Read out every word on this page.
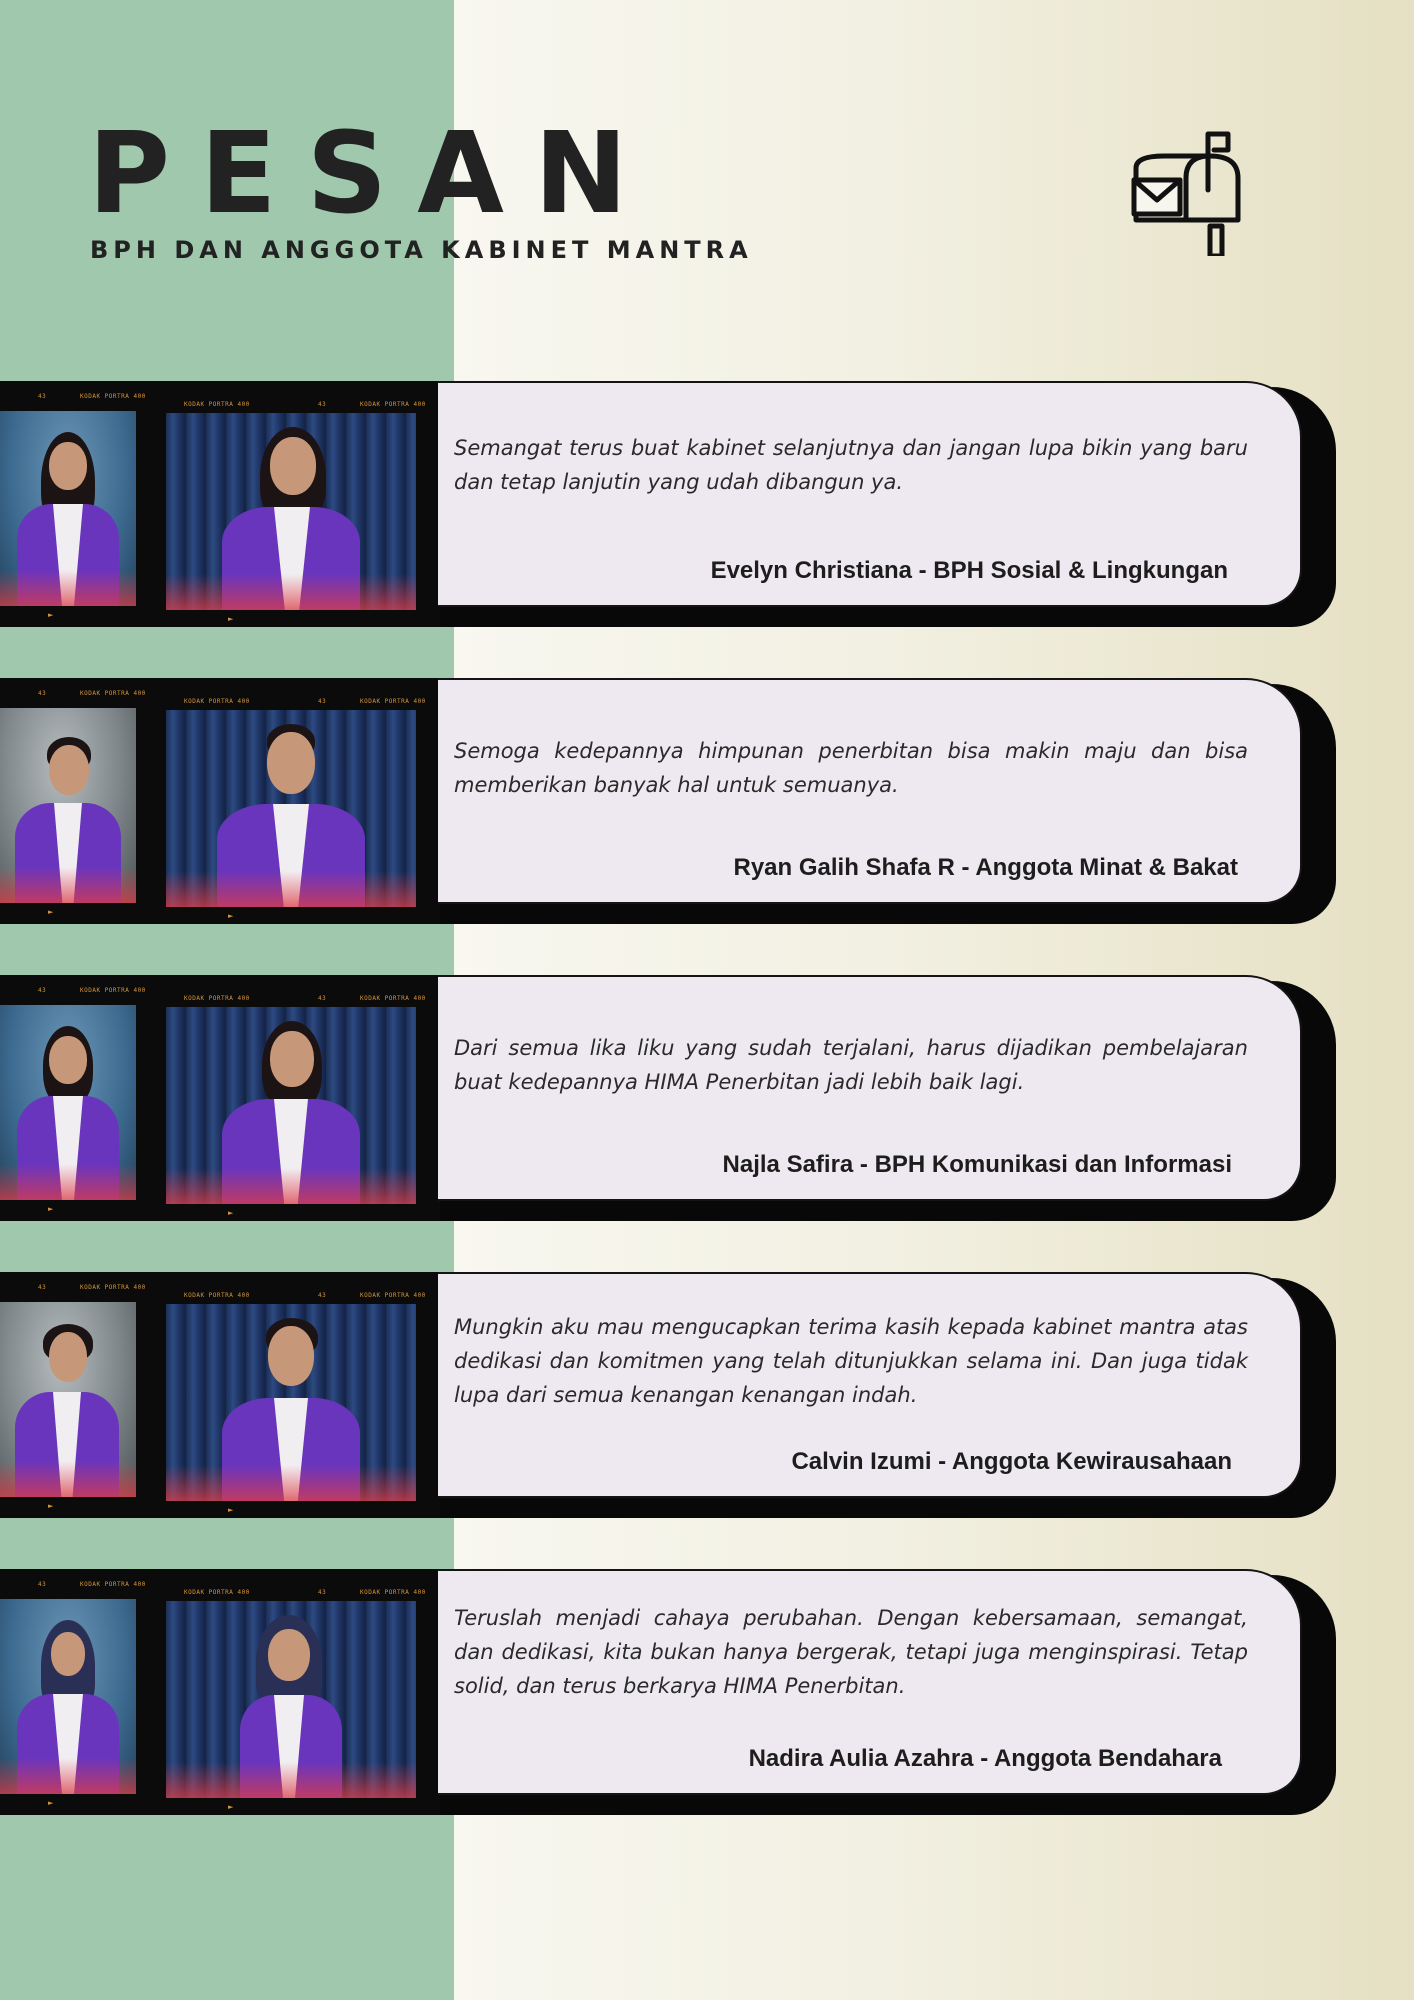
PESAN
BPH DAN ANGGOTA KABINET MANTRA
43	KODAK PORTRA 400
KODAK PORTRA 400	43	KODAK PORTRA 400
►	►

Semangat terus buat kabinet selanjutnya dan jangan lupa bikin yang baru dan tetap lanjutin yang udah dibangun ya.

Evelyn Christiana - BPH Sosial & Lingkungan
43	KODAK PORTRA 400
KODAK PORTRA 400	43	KODAK PORTRA 400
►	►

Semoga kedepannya himpunan penerbitan bisa makin maju dan bisa memberikan banyak hal untuk semuanya.

Ryan Galih Shafa R - Anggota Minat & Bakat
43	KODAK PORTRA 400
KODAK PORTRA 400	43	KODAK PORTRA 400
►	►

Dari semua lika liku yang sudah terjalani, harus dijadikan pembelajaran buat kedepannya HIMA Penerbitan jadi lebih baik lagi.

Najla Safira - BPH Komunikasi dan Informasi
43	KODAK PORTRA 400
KODAK PORTRA 400	43	KODAK PORTRA 400
►	►

Mungkin aku mau mengucapkan terima kasih kepada kabinet mantra atas dedikasi dan komitmen yang telah ditunjukkan selama ini. Dan juga tidak lupa dari semua kenangan kenangan indah.

Calvin Izumi - Anggota Kewirausahaan
43	KODAK PORTRA 400
KODAK PORTRA 400	43	KODAK PORTRA 400
►	►

Teruslah menjadi cahaya perubahan. Dengan kebersamaan, semangat, dan dedikasi, kita bukan hanya bergerak, tetapi juga menginspirasi. Tetap solid, dan terus berkarya HIMA Penerbitan.

Nadira Aulia Azahra - Anggota Bendahara
